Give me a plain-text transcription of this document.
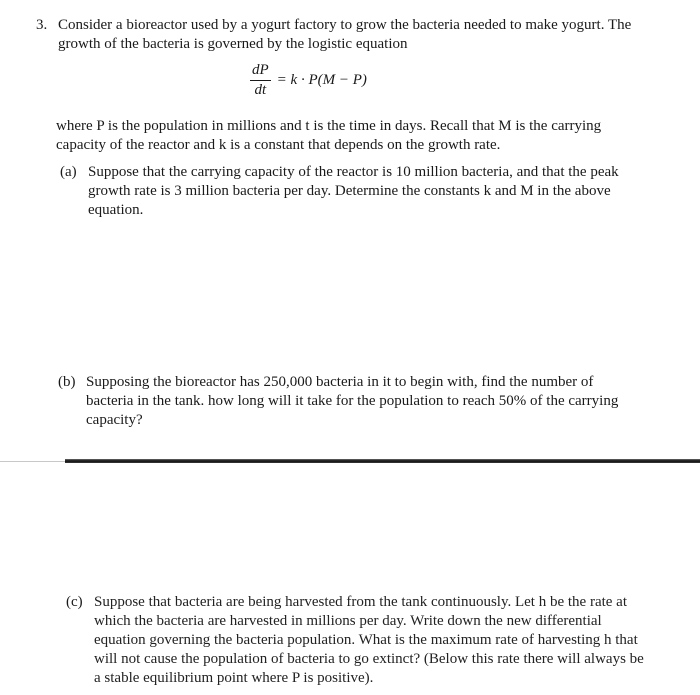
3. Consider a bioreactor used by a yogurt factory to grow the bacteria needed to make yogurt. The growth of the bacteria is governed by the logistic equation
$\frac{dP}{dt} = k \cdot P(M - P)$
where P is the population in millions and t is the time in days. Recall that M is the carrying capacity of the reactor and k is a constant that depends on the growth rate.
(a) Suppose that the carrying capacity of the reactor is 10 million bacteria, and that the peak growth rate is 3 million bacteria per day. Determine the constants k and M in the above equation.
(b) Supposing the bioreactor has 250,000 bacteria in it to begin with, find the number of bacteria in the tank. how long will it take for the population to reach 50% of the carrying capacity?
(c) Suppose that bacteria are being harvested from the tank continuously. Let h be the rate at which the bacteria are harvested in millions per day. Write down the new differential equation governing the bacteria population. What is the maximum rate of harvesting h that will not cause the population of bacteria to go extinct? (Below this rate there will always be a stable equilibrium point where P is positive).
